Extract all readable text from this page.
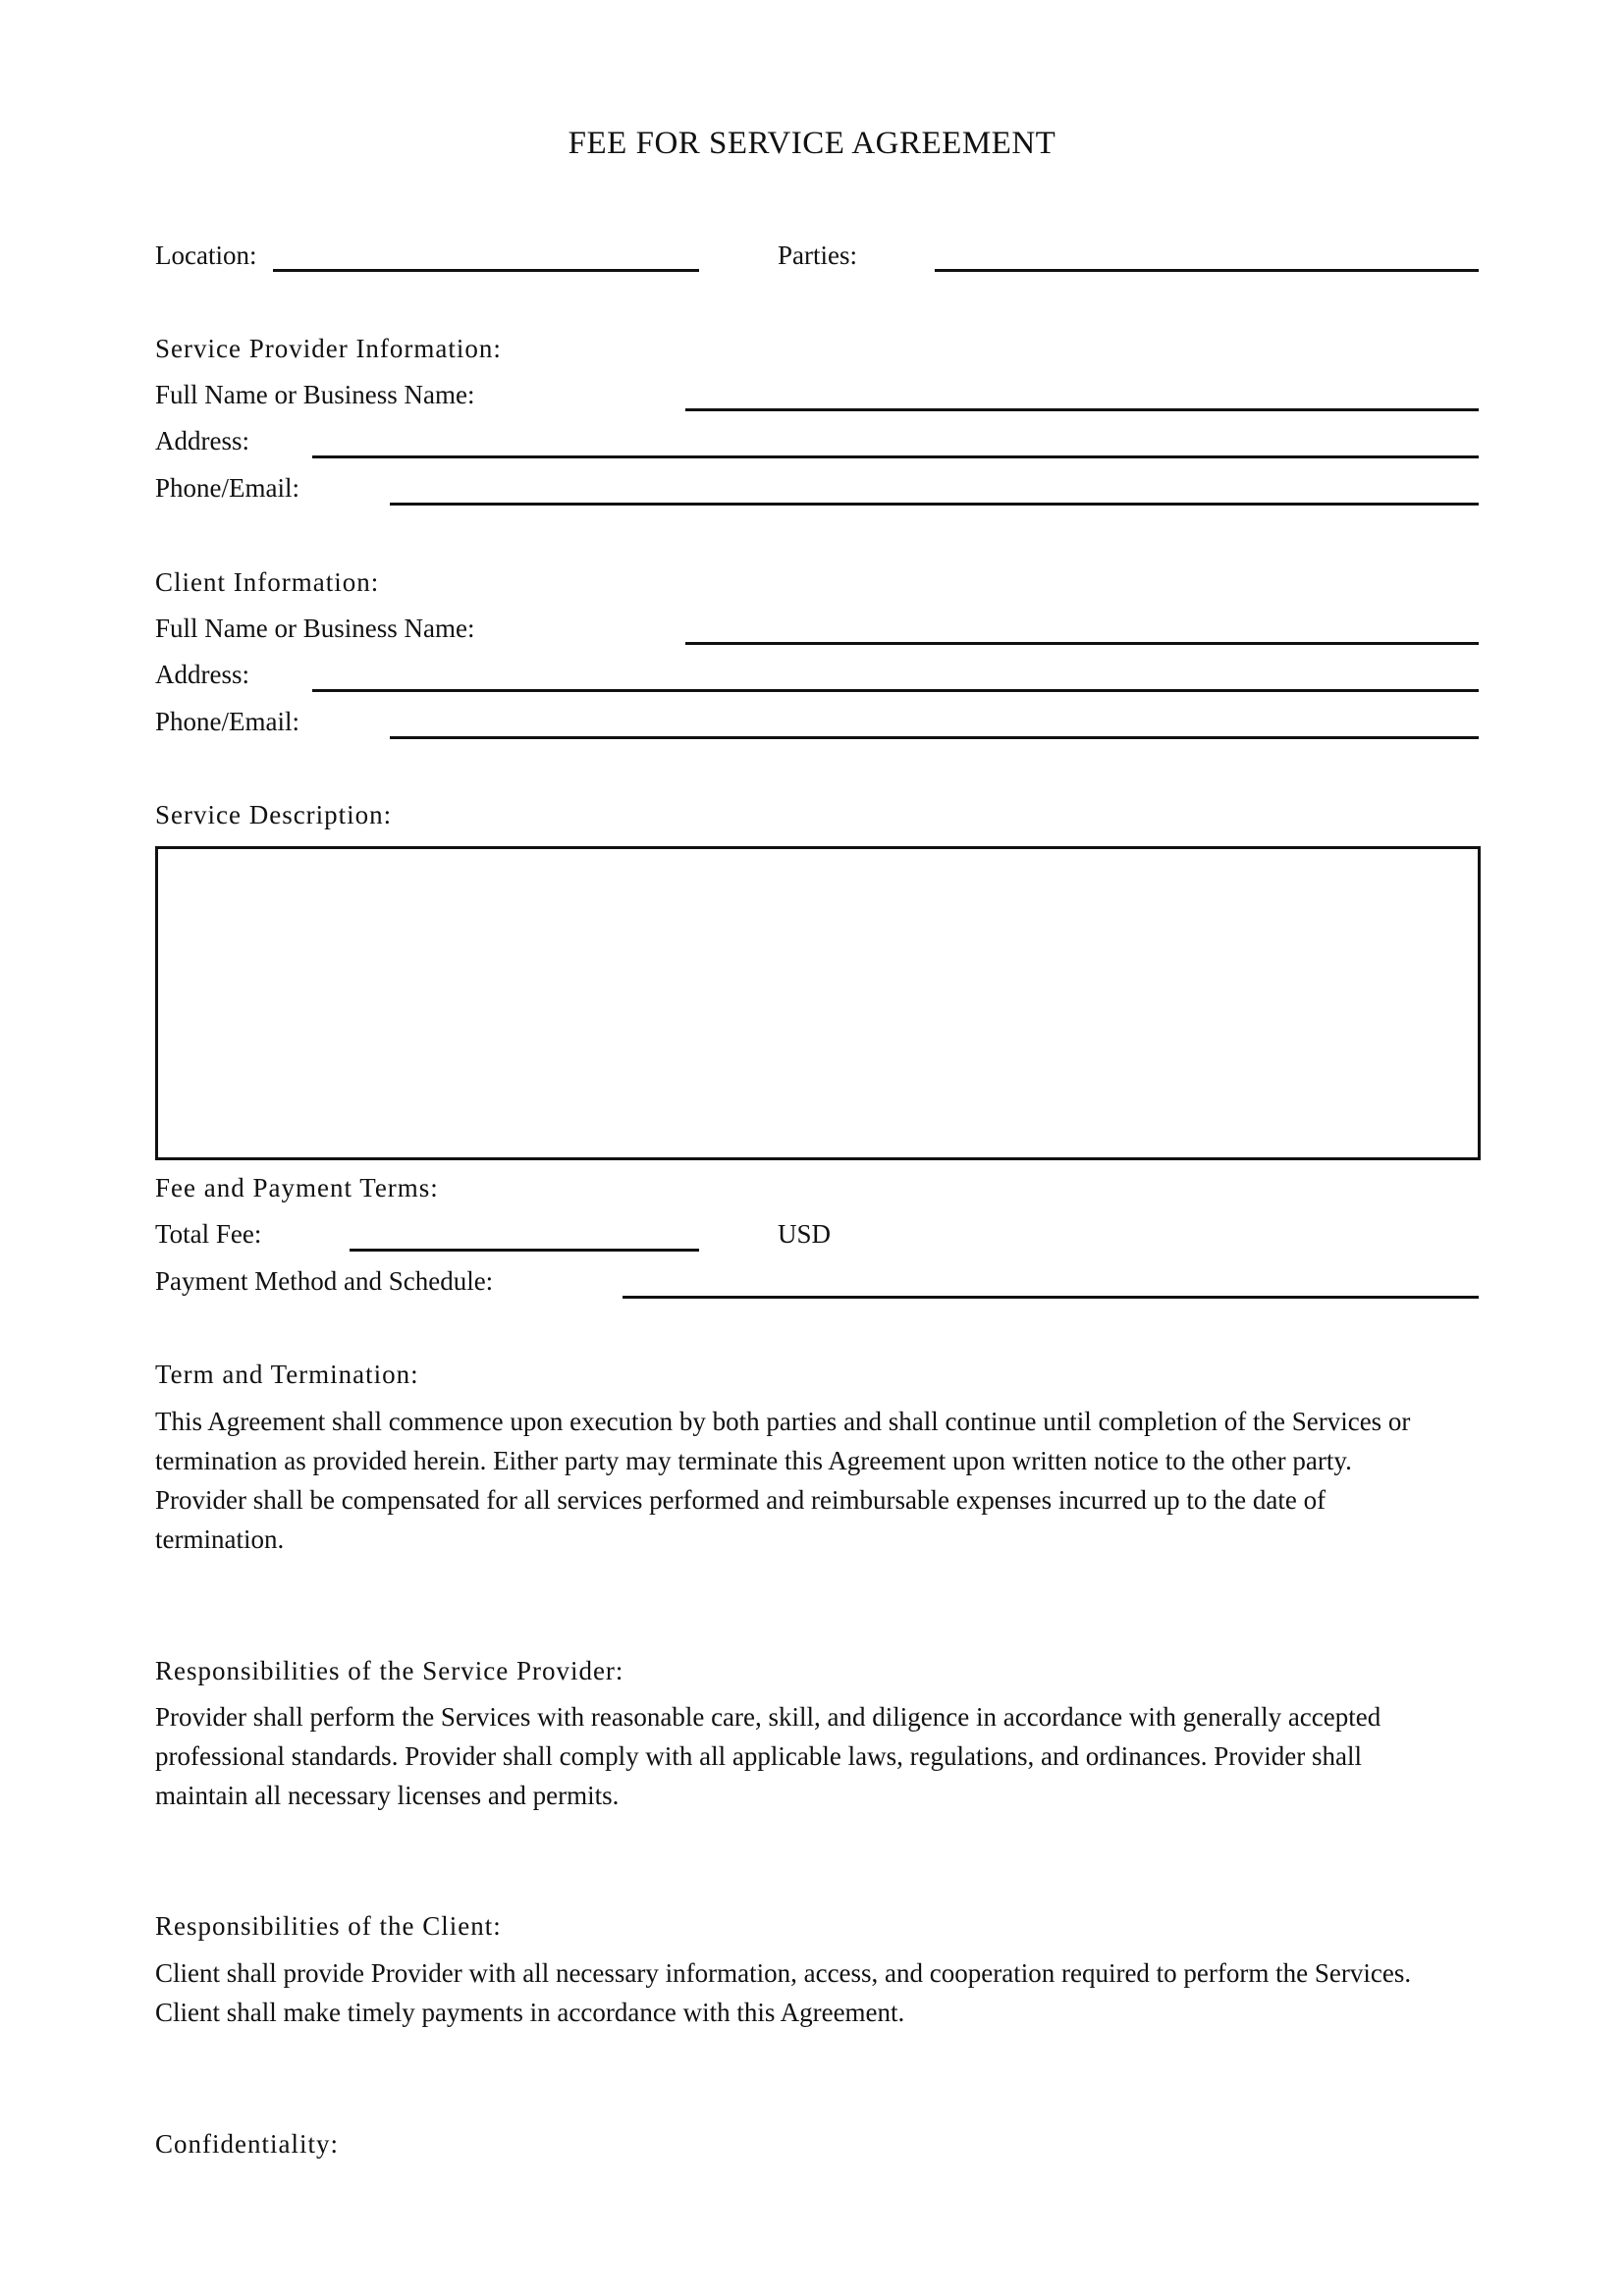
FEE FOR SERVICE AGREEMENT
Location:	Parties:
Service Provider Information:
Full Name or Business Name:
Address:
Phone/Email:
Client Information:
Full Name or Business Name:
Address:
Phone/Email:
Service Description:
Fee and Payment Terms:
Total Fee:	USD
Payment Method and Schedule:
Term and Termination:
This Agreement shall commence upon execution by both parties and shall continue until completion of the Services or
termination as provided herein. Either party may terminate this Agreement upon written notice to the other party.
Provider shall be compensated for all services performed and reimbursable expenses incurred up to the date of
termination.
Responsibilities of the Service Provider:
Provider shall perform the Services with reasonable care, skill, and diligence in accordance with generally accepted
professional standards. Provider shall comply with all applicable laws, regulations, and ordinances. Provider shall
maintain all necessary licenses and permits.
Responsibilities of the Client:
Client shall provide Provider with all necessary information, access, and cooperation required to perform the Services.
Client shall make timely payments in accordance with this Agreement.
Confidentiality:
